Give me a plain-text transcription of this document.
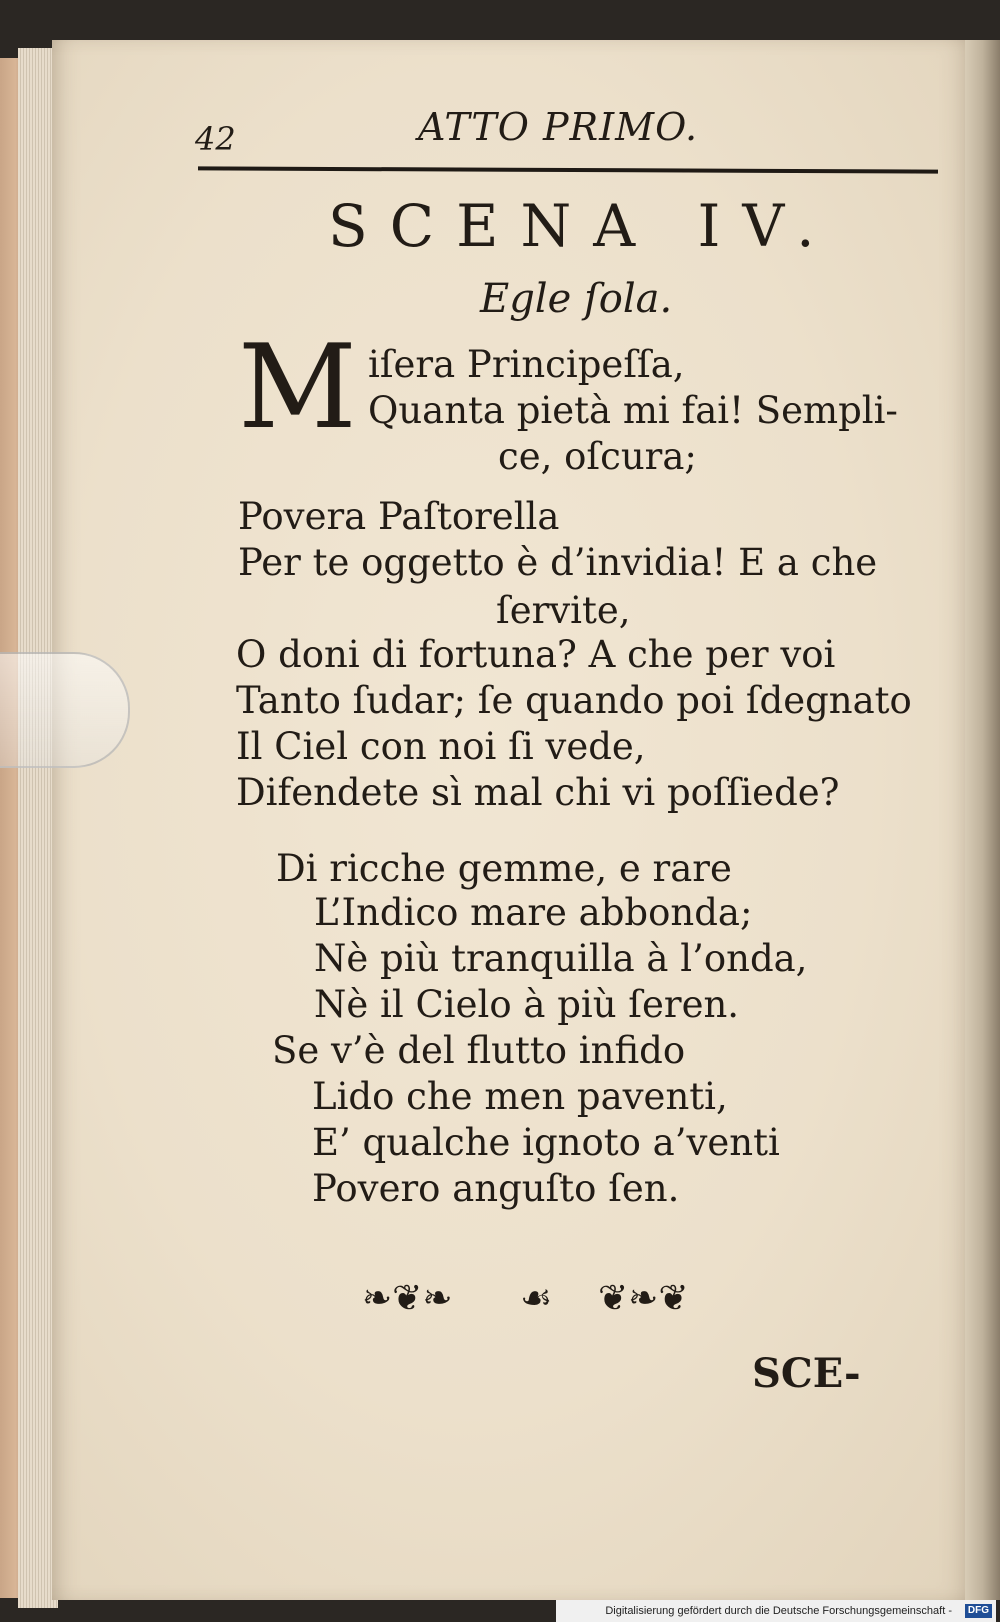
42	ATTO PRIMO.
SCENA IV.
Egle ſola.
M iſera Principeſſa,
Quanta pietà mi fai! Sempli-
ce, oſcura;
Povera Paſtorella
Per te oggetto è d’invidia! E a che
ſervite,
O doni di fortuna? A che per voi
Tanto ſudar; ſe quando poi ſdegnato
Il Ciel con noi ſi vede,
Difendete sì mal chi vi poſſiede?
Di ricche gemme, e rare
L’Indico mare abbonda;
Nè più tranquilla à l’onda,
Nè il Cielo à più ſeren.
Se v’è del flutto infido
Lido che men paventi,
E’ qualche ignoto a’venti
Povero anguſto ſen.
❧❦❧ ☙ ❦❧❦
SCE-
Digitalisierung gefördert durch die Deutsche Forschungsgemeinschaft -	DFG
